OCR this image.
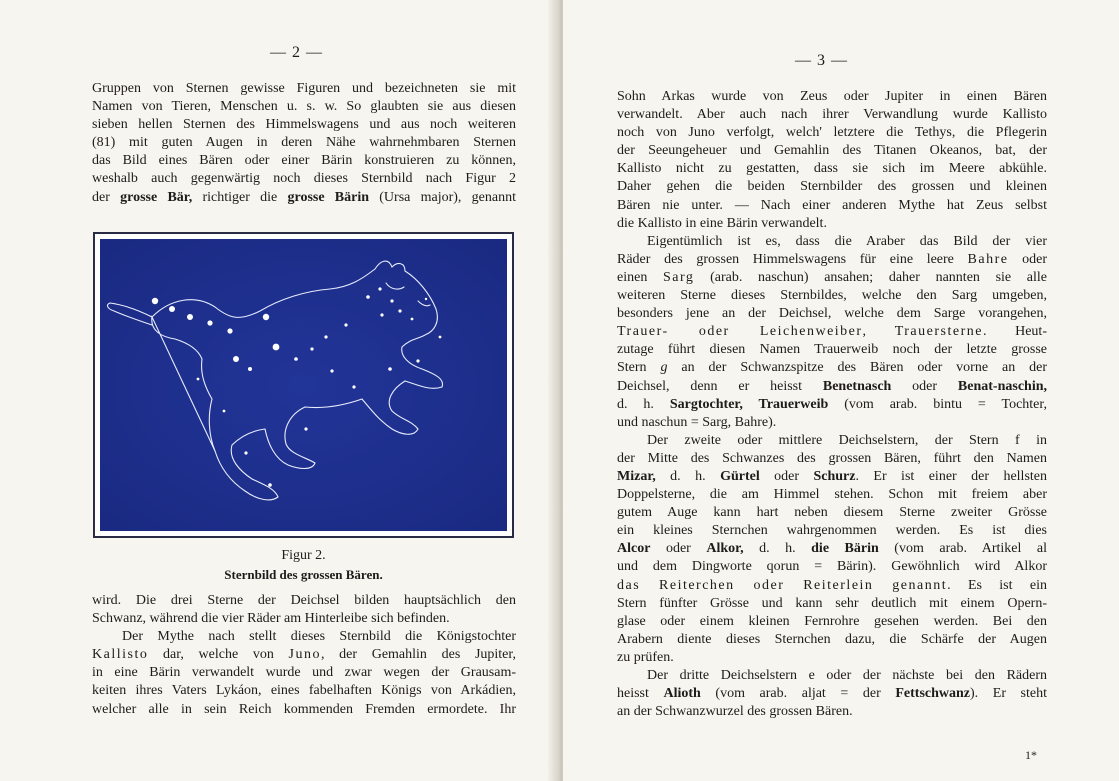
— 2 —
Gruppen von Sternen gewisse Figuren und bezeichneten sie mit
Namen von Tieren, Menschen u. s. w. So glaubten sie aus diesen
sieben hellen Sternen des Himmelswagens und aus noch weiteren
(81) mit guten Augen in deren Nähe wahrnehmbaren Sternen
das Bild eines Bären oder einer Bärin konstruieren zu können,
weshalb auch gegenwärtig noch dieses Sternbild nach Figur 2
der grosse Bär, richtiger die grosse Bärin (Ursa major), genannt
Figur 2.
Sternbild des grossen Bären.
wird. Die drei Sterne der Deichsel bilden hauptsächlich den
Schwanz, während die vier Räder am Hinterleibe sich befinden.
Der Mythe nach stellt dieses Sternbild die Königstochter
Kallisto dar, welche von Juno, der Gemahlin des Jupiter,
in eine Bärin verwandelt wurde und zwar wegen der Grausam-
keiten ihres Vaters Lykáon, eines fabelhaften Königs von Arkádien,
welcher alle in sein Reich kommenden Fremden ermordete. Ihr
— 3 —
Sohn Arkas wurde von Zeus oder Jupiter in einen Bären
verwandelt. Aber auch nach ihrer Verwandlung wurde Kallisto
noch von Juno verfolgt, welch' letztere die Tethys, die Pflegerin
der Seeungeheuer und Gemahlin des Titanen Okeanos, bat, der
Kallisto nicht zu gestatten, dass sie sich im Meere abkühle.
Daher gehen die beiden Sternbilder des grossen und kleinen
Bären nie unter. — Nach einer anderen Mythe hat Zeus selbst
die Kallisto in eine Bärin verwandelt.
Eigentümlich ist es, dass die Araber das Bild der vier
Räder des grossen Himmelswagens für eine leere Bahre oder
einen Sarg (arab. naschun) ansahen; daher nannten sie alle
weiteren Sterne dieses Sternbildes, welche den Sarg umgeben,
besonders jene an der Deichsel, welche dem Sarge vorangehen,
Trauer- oder Leichenweiber, Trauersterne. Heut-
zutage führt diesen Namen Trauerweib noch der letzte grosse
Stern g an der Schwanzspitze des Bären oder vorne an der
Deichsel, denn er heisst Benetnasch oder Benat-naschin,
d. h. Sargtochter, Trauerweib (vom arab. bintu = Tochter,
und naschun = Sarg, Bahre).
Der zweite oder mittlere Deichselstern, der Stern f in
der Mitte des Schwanzes des grossen Bären, führt den Namen
Mizar, d. h. Gürtel oder Schurz. Er ist einer der hellsten
Doppelsterne, die am Himmel stehen. Schon mit freiem aber
gutem Auge kann hart neben diesem Sterne zweiter Grösse
ein kleines Sternchen wahrgenommen werden. Es ist dies
Alcor oder Alkor, d. h. die Bärin (vom arab. Artikel al
und dem Dingworte qorun = Bärin). Gewöhnlich wird Alkor
das Reiterchen oder Reiterlein genannt. Es ist ein
Stern fünfter Grösse und kann sehr deutlich mit einem Opern-
glase oder einem kleinen Fernrohre gesehen werden. Bei den
Arabern diente dieses Sternchen dazu, die Schärfe der Augen
zu prüfen.
Der dritte Deichselstern e oder der nächste bei den Rädern
heisst Alioth (vom arab. aljat = der Fettschwanz). Er steht
an der Schwanzwurzel des grossen Bären.
1*
